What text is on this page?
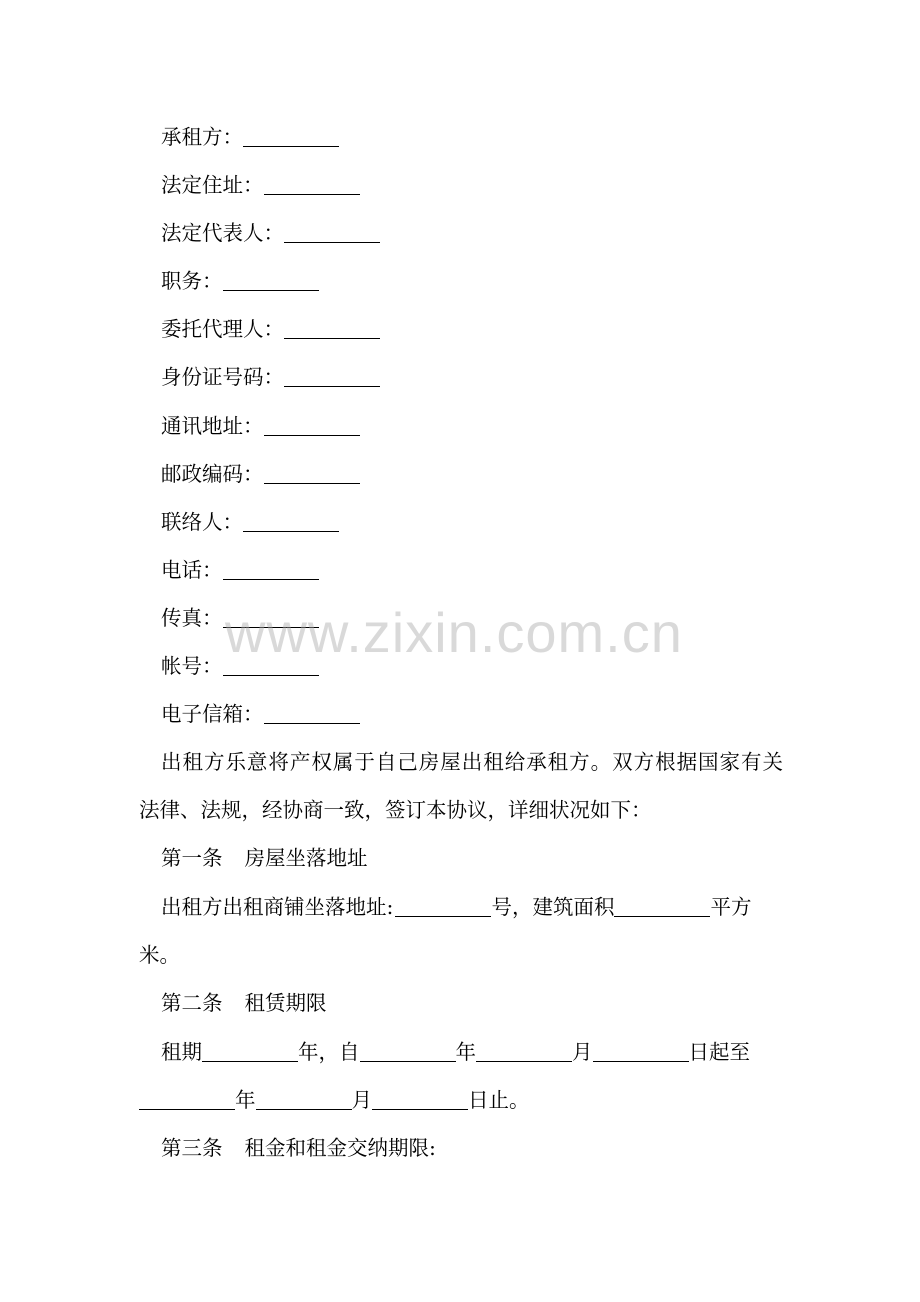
承租方：
法定住址：
法定代表人：
职务：
委托代理人：
身份证号码：
通讯地址：
邮政编码：
联络人：
电话：
传真：
帐号：
电子信箱：
出租方乐意将产权属于自己房屋出租给承租方。双方根据国家有关
法律、法规，经协商一致，签订本协议，详细状况如下：
第一条 房屋坐落地址
出租方出租商铺坐落地址: 	号，建筑面积	平方
米。
第二条 租赁期限
租期	年，自	年	月	日起至
年	月	日止。
第三条 租金和租金交纳期限:
www.zixin.com.cn
